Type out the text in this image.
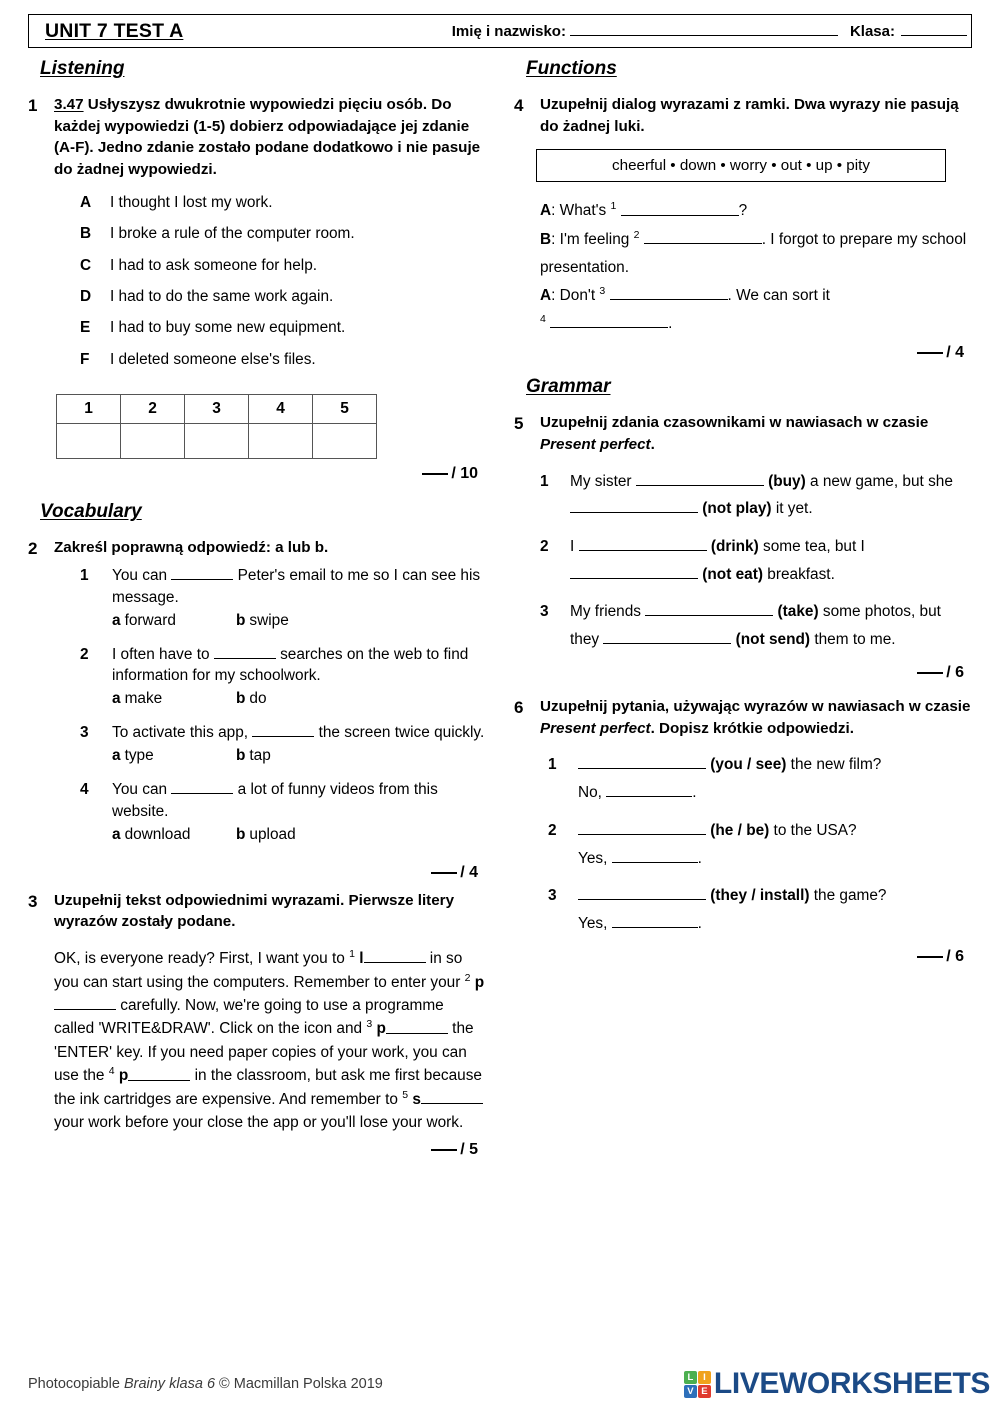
UNIT 7 TEST A	Imię i nazwisko:	Klasa:
Listening
1	3.47 Usłyszysz dwukrotnie wypowiedzi pięciu osób. Do każdej wypowiedzi (1-5) dobierz odpowiadające jej zdanie (A-F). Jedno zdanie zostało podane dodatkowo i nie pasuje do żadnej wypowiedzi.
A	I thought I lost my work.
B	I broke a rule of the computer room.
C	I had to ask someone for help.
D	I had to do the same work again.
E	I had to buy some new equipment.
F	I deleted someone else's files.
1	2	3	4	5

/ 10
Vocabulary
2	Zakreśl poprawną odpowiedź: a lub b.
1	You can	Peter's email to me so I can see his message.
a forward	b swipe
2	I often have to	searches on the web to find information for my schoolwork.
a make	b do
3	To activate this app,	the screen twice quickly.
a type	b tap
4	You can	a lot of funny videos from this website.
a download	b upload
/ 4
3	Uzupełnij tekst odpowiednimi wyrazami. Pierwsze litery wyrazów zostały podane.
OK, is everyone ready? First, I want you to $^1$ l	in so you can start using the computers. Remember to enter your $^2$ p carefully. Now, we're going to use a programme called 'WRITE&DRAW'. Click on the icon and $^3$ p	the 'ENTER' key. If you need paper copies of your work, you can use the $^4$ p	in the classroom, but ask me first because the ink cartridges are expensive. And remember to $^5$ s your work before your close the app or you'll lose your work.
/ 5
Functions
4	Uzupełnij dialog wyrazami z ramki. Dwa wyrazy nie pasują do żadnej luki.
cheerful • down • worry • out • up • pity
A: What's $^1$	?
B: I'm feeling $^2$	. I forgot to prepare my school presentation.
A: Don't $^3$	. We can sort it
$^4$	.
/ 4
Grammar
5	Uzupełnij zdania czasownikami w nawiasach w czasie Present perfect.
1	My sister	(buy) a new game, but she  (not play) it yet.
2	I	(drink) some tea, but I  (not eat) breakfast.
3	My friends	(take) some photos, but they	(not send) them to me.
/ 6
6	Uzupełnij pytania, używając wyrazów w nawiasach w czasie Present perfect. Dopisz krótkie odpowiedzi.
1	(you / see) the new film?
No,	.
2	(he / be) to the USA?
Yes,	.
3	(they / install) the game?
Yes,	.
/ 6
Photocopiable Brainy klasa 6 © Macmillan Polska 2019	L	I
V E LIVEWORKSHEETS
